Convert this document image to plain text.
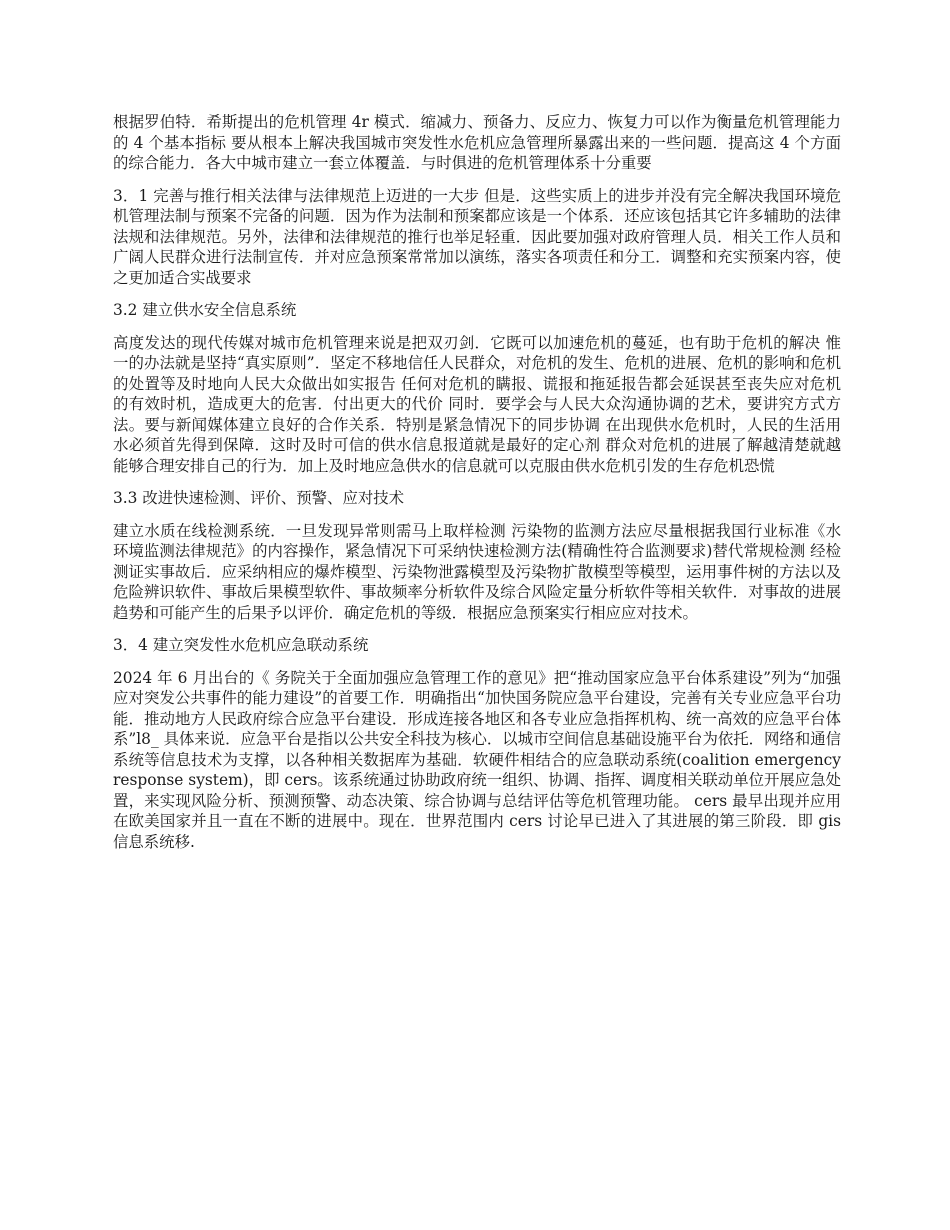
根据罗伯特．希斯提出的危机管理 4r 模式．缩减力、预备力、反应力、恢复力可以作为衡量危机管理能力的 4 个基本指标 要从根本上解决我国城市突发性水危机应急管理所暴露出来的一些问题．提高这 4 个方面的综合能力．各大中城市建立一套立体覆盖．与时俱进的危机管理体系十分重要

3．1 完善与推行相关法律与法律规范上迈进的一大步 但是．这些实质上的进步并没有完全解决我国环境危机管理法制与预案不完备的问题．因为作为法制和预案都应该是一个体系．还应该包括其它许多辅助的法律法规和法律规范。另外，法律和法律规范的推行也举足轻重．因此要加强对政府管理人员．相关工作人员和广阔人民群众进行法制宣传．并对应急预案常常加以演练，落实各项责任和分工．调整和充实预案内容，使之更加适合实战要求

3.2 建立供水安全信息系统

高度发达的现代传媒对城市危机管理来说是把双刃剑．它既可以加速危机的蔓延，也有助于危机的解决 惟一的办法就是坚持“真实原则”．坚定不移地信任人民群众，对危机的发生、危机的进展、危机的影响和危机的处置等及时地向人民大众做出如实报告 任何对危机的瞒报、谎报和拖延报告都会延误甚至丧失应对危机的有效时机，造成更大的危害．付出更大的代价 同时．要学会与人民大众沟通协调的艺术，要讲究方式方法。要与新闻媒体建立良好的合作关系．特别是紧急情况下的同步协调 在出现供水危机时，人民的生活用水必须首先得到保障．这时及时可信的供水信息报道就是最好的定心剂 群众对危机的进展了解越清楚就越能够合理安排自己的行为．加上及时地应急供水的信息就可以克服由供水危机引发的生存危机恐慌

3.3 改进快速检测、评价、预警、应对技术

建立水质在线检测系统．一旦发现异常则需马上取样检测 污染物的监测方法应尽量根据我国行业标准《水环境监测法律规范》的内容操作，紧急情况下可采纳快速检测方法(精确性符合监测要求)替代常规检测 经检测证实事故后．应采纳相应的爆炸模型、污染物泄露模型及污染物扩散模型等模型，运用事件树的方法以及危险辨识软件、事故后果模型软件、事故频率分析软件及综合风险定量分析软件等相关软件．对事故的进展趋势和可能产生的后果予以评价．确定危机的等级．根据应急预案实行相应应对技术。

3．4 建立突发性水危机应急联动系统

2024 年 6 月出台的《 务院关于全面加强应急管理工作的意见》把“推动国家应急平台体系建设”列为“加强应对突发公共事件的能力建设”的首要工作．明确指出“加快国务院应急平台建设，完善有关专业应急平台功能．推动地方人民政府综合应急平台建设．形成连接各地区和各专业应急指挥机构、统一高效的应急平台体系”l8_ 具体来说．应急平台是指以公共安全科技为核心．以城市空间信息基础设施平台为依托．网络和通信系统等信息技术为支撑，以各种相关数据库为基础．软硬件相结合的应急联动系统(coalition emergency response system)，即 cers。该系统通过协助政府统一组织、协调、指挥、调度相关联动单位开展应急处置，来实现风险分析、预测预警、动态决策、综合协调与总结评估等危机管理功能。 cers 最早出现并应用在欧美国家并且一直在不断的进展中。现在．世界范围内 cers 讨论早已进入了其进展的第三阶段．即 gis 信息系统移.
